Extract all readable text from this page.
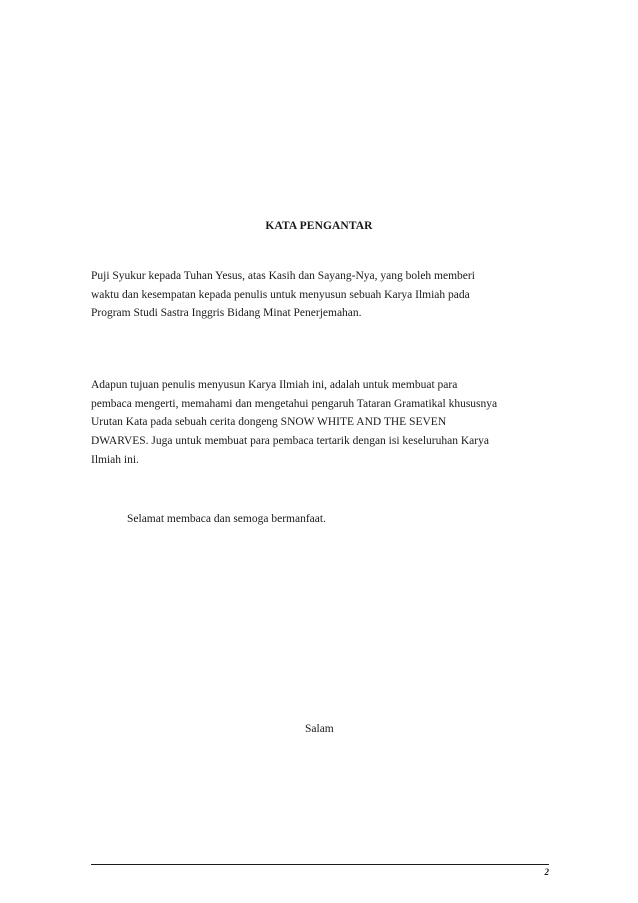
KATA PENGANTAR

Puji Syukur kepada Tuhan Yesus, atas Kasih dan Sayang-Nya, yang boleh memberi
waktu dan kesempatan kepada penulis untuk menyusun sebuah Karya Ilmiah pada
Program Studi Sastra Inggris Bidang Minat Penerjemahan.

Adapun tujuan penulis menyusun Karya Ilmiah ini, adalah untuk membuat para
pembaca mengerti, memahami dan mengetahui pengaruh Tataran Gramatikal khususnya
Urutan Kata pada sebuah cerita dongeng SNOW WHITE AND THE SEVEN
DWARVES. Juga untuk membuat para pembaca tertarik dengan isi keseluruhan Karya
Ilmiah ini.

Selamat membaca dan semoga bermanfaat.

Salam
2
